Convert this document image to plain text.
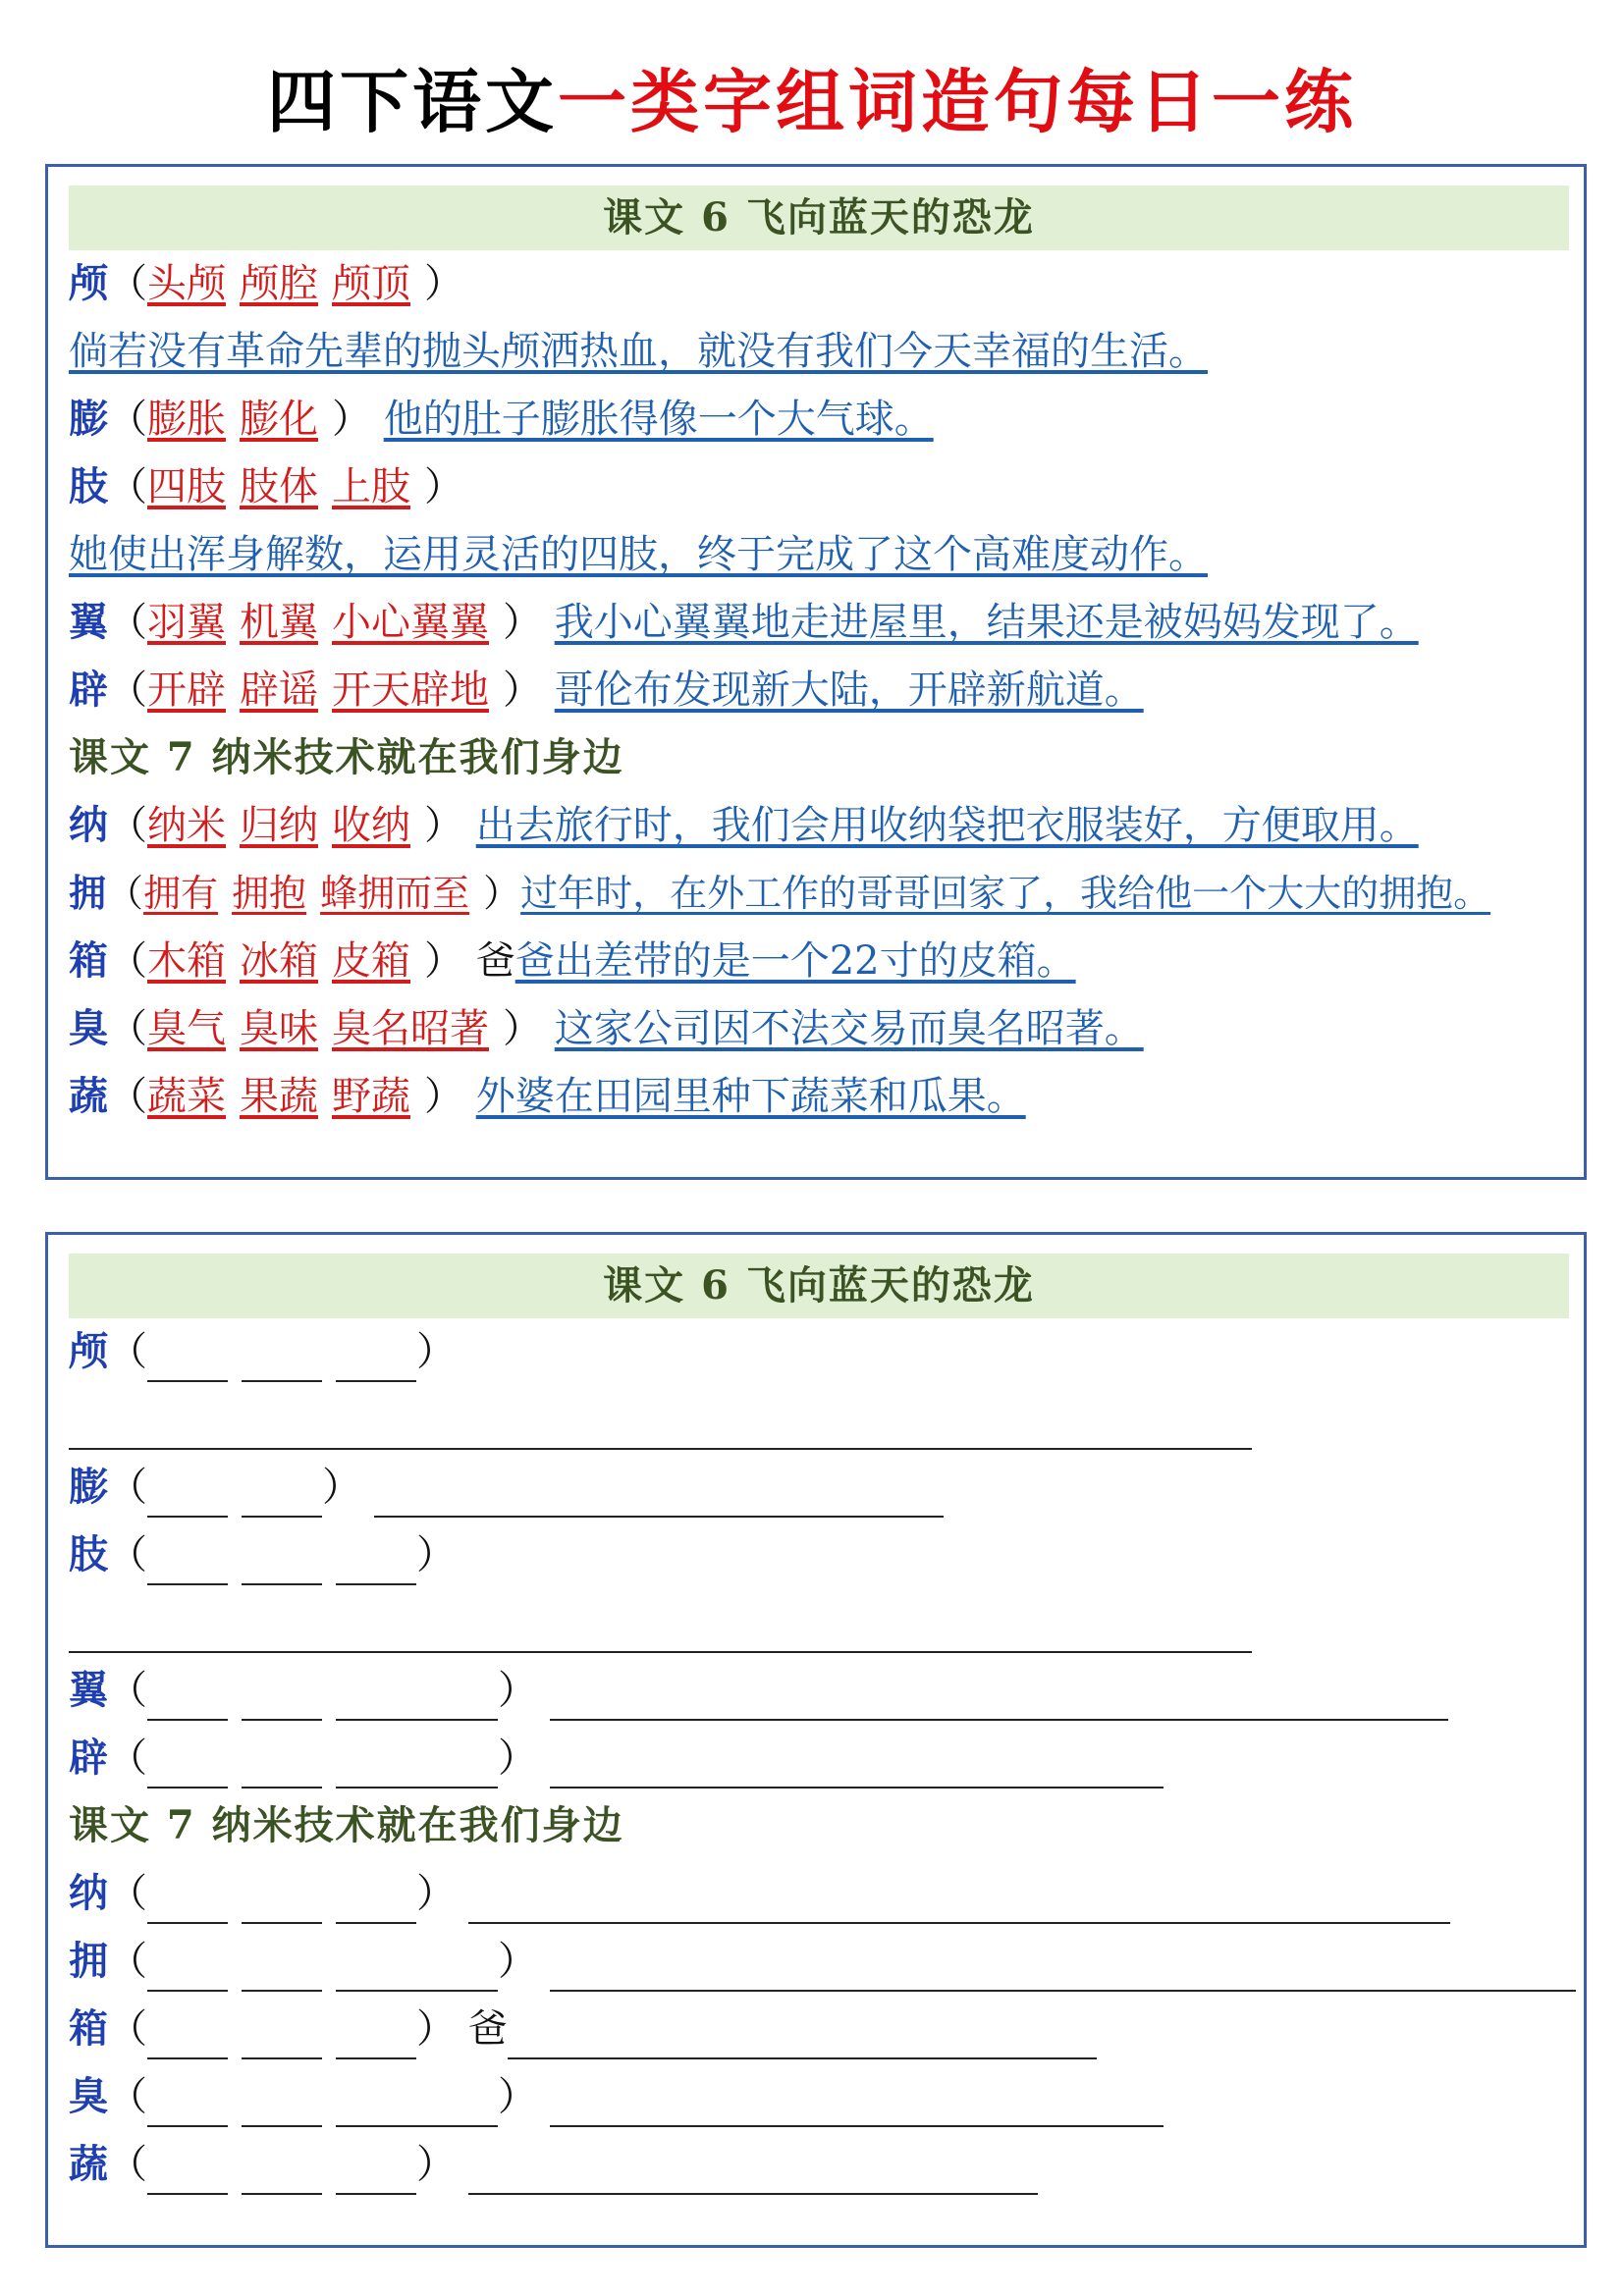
四下语文一类字组词造句每日一练
课文 6 飞向蓝天的恐龙
颅（头颅 颅腔 颅顶 ）
倘若没有革命先辈的抛头颅洒热血，就没有我们今天幸福的生活。
膨（膨胀 膨化 ） 他的肚子膨胀得像一个大气球。
肢（四肢 肢体 上肢 ）
她使出浑身解数，运用灵活的四肢，终于完成了这个高难度动作。
翼（羽翼 机翼 小心翼翼 ） 我小心翼翼地走进屋里，结果还是被妈妈发现了。
辟（开辟 辟谣 开天辟地 ） 哥伦布发现新大陆，开辟新航道。
课文 7 纳米技术就在我们身边
纳（纳米 归纳 收纳 ） 出去旅行时，我们会用收纳袋把衣服装好，方便取用。
拥（拥有 拥抱 蜂拥而至 ）过年时，在外工作的哥哥回家了，我给他一个大大的拥抱。
箱（木箱 冰箱 皮箱 ） 爸爸出差带的是一个22寸的皮箱。
臭（臭气 臭味 臭名昭著 ） 这家公司因不法交易而臭名昭著。
蔬（蔬菜 果蔬 野蔬 ） 外婆在田园里种下蔬菜和瓜果。
课文 6 飞向蓝天的恐龙
颅（	）
膨（	）
肢（	）
翼（	）
辟（	）
课文 7 纳米技术就在我们身边
纳（	）
拥（	）
箱（	） 爸
臭（	）
蔬（	）
